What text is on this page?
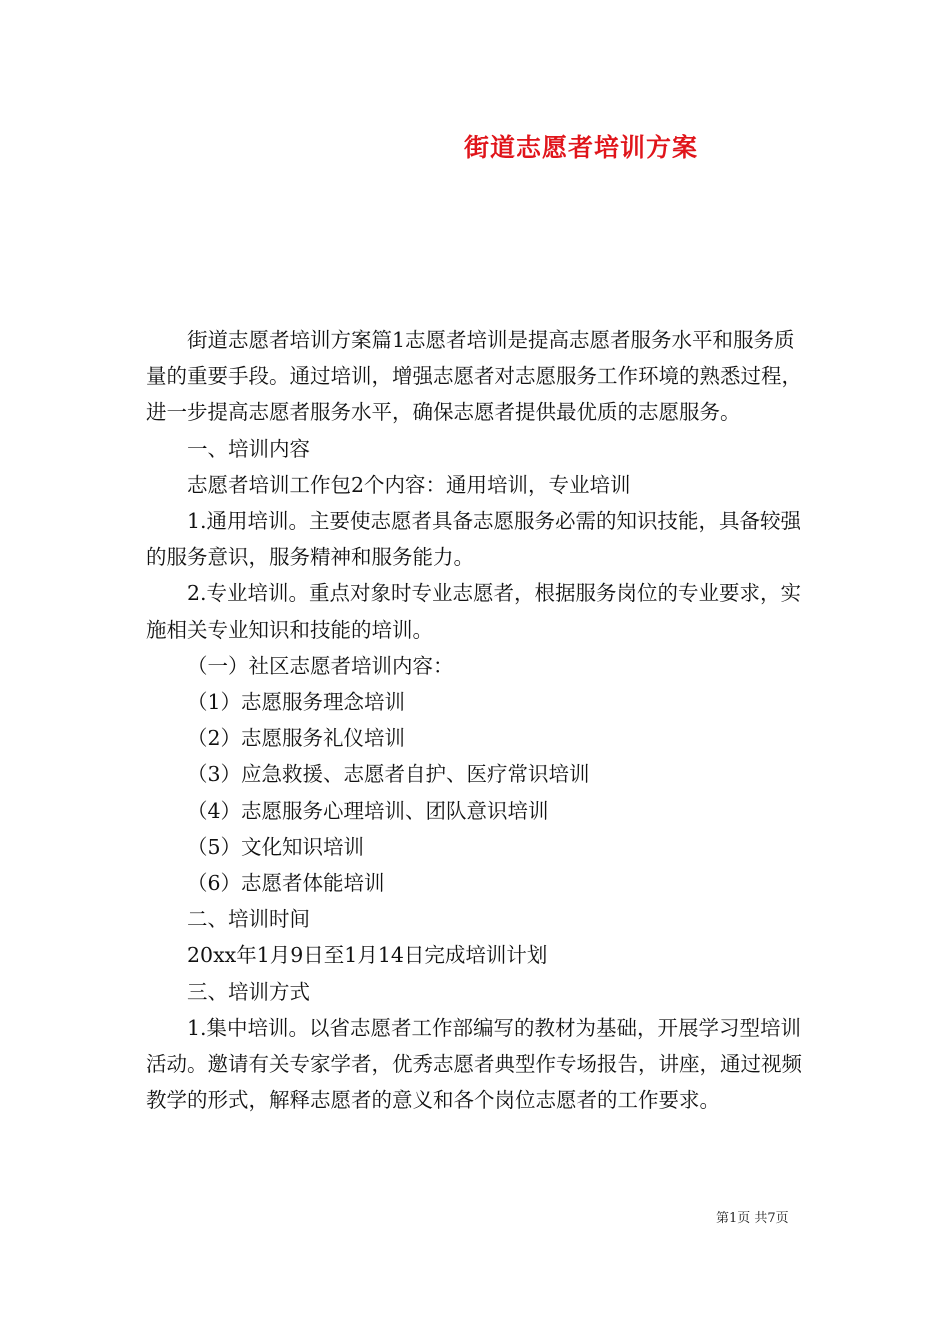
街道志愿者培训方案

街道志愿者培训方案篇1志愿者培训是提高志愿者服务水平和服务质量的重要手段。通过培训，增强志愿者对志愿服务工作环境的熟悉过程，进一步提高志愿者服务水平，确保志愿者提供最优质的志愿服务。

一、培训内容

志愿者培训工作包2个内容：通用培训，专业培训

1.通用培训。主要使志愿者具备志愿服务必需的知识技能，具备较强的服务意识，服务精神和服务能力。

2.专业培训。重点对象时专业志愿者，根据服务岗位的专业要求，实施相关专业知识和技能的培训。

（一）社区志愿者培训内容：

（1）志愿服务理念培训

（2）志愿服务礼仪培训

（3）应急救援、志愿者自护、医疗常识培训

（4）志愿服务心理培训、团队意识培训

（5）文化知识培训

（6）志愿者体能培训

二、培训时间

20xx年1月9日至1月14日完成培训计划

三、培训方式

1.集中培训。以省志愿者工作部编写的教材为基础，开展学习型培训活动。邀请有关专家学者，优秀志愿者典型作专场报告，讲座，通过视频教学的形式，解释志愿者的意义和各个岗位志愿者的工作要求。

第1页 共7页
